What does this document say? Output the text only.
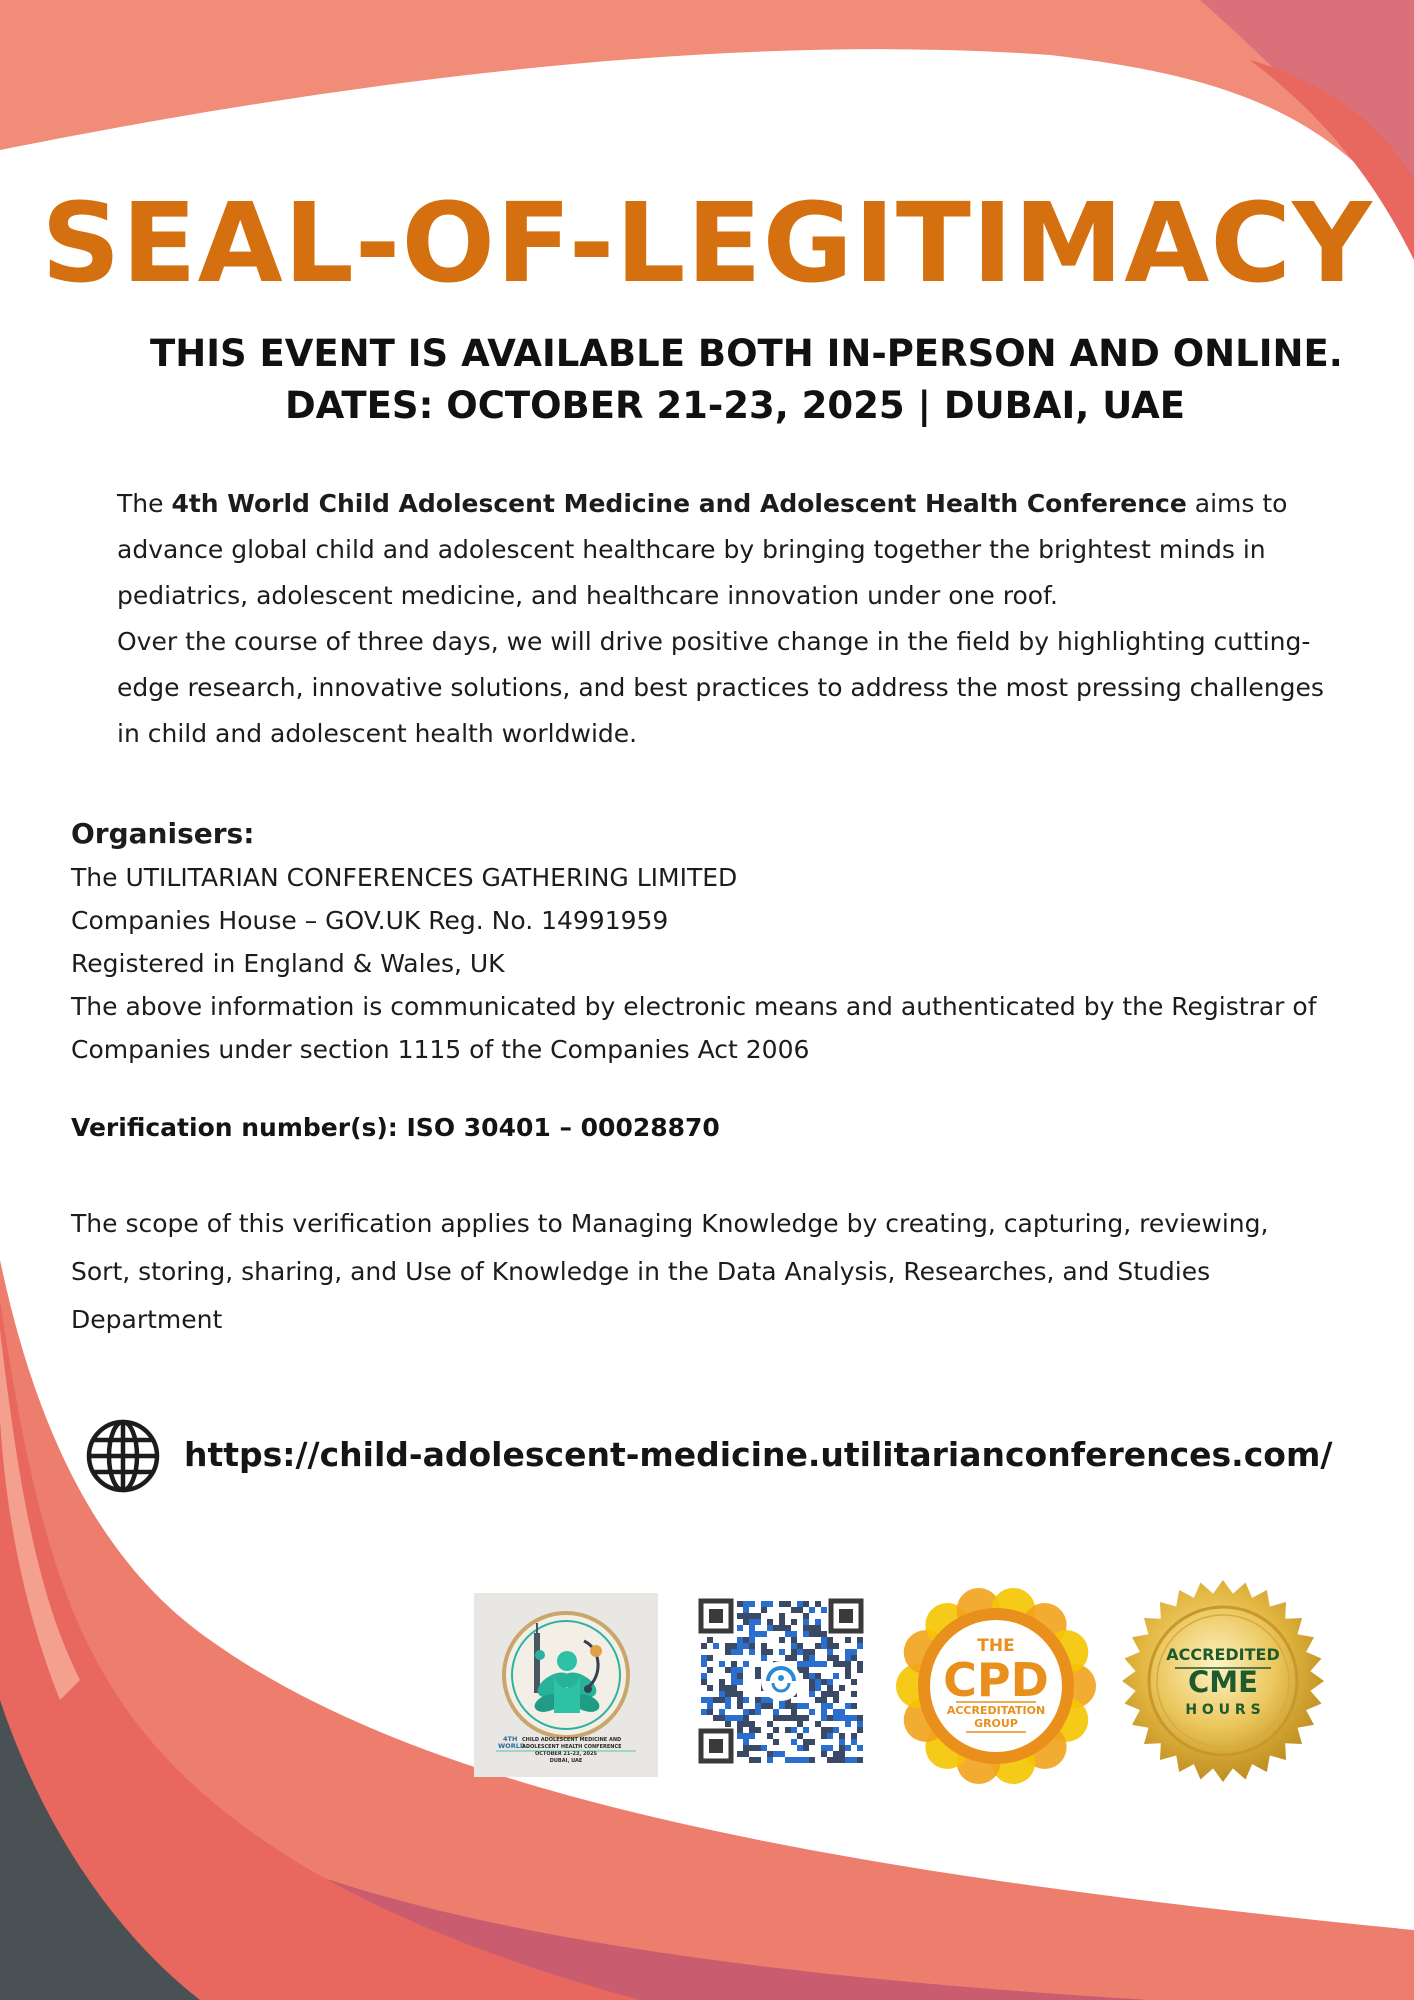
SEAL-OF-LEGITIMACY
THIS EVENT IS AVAILABLE BOTH IN-PERSON AND ONLINE.
DATES: OCTOBER 21-23, 2025 | DUBAI, UAE

The 4th World Child Adolescent Medicine and Adolescent Health Conference aims to advance global child and adolescent healthcare by bringing together the brightest minds in pediatrics, adolescent medicine, and healthcare innovation under one roof.

Over the course of three days, we will drive positive change in the field by highlighting cutting-edge research, innovative solutions, and best practices to address the most pressing challenges in child and adolescent health worldwide.

Organisers:
The UTILITARIAN CONFERENCES GATHERING LIMITED
Companies House – GOV.UK Reg. No. 14991959
Registered in England & Wales, UK
The above information is communicated by electronic means and authenticated by the Registrar of Companies under section 1115 of the Companies Act 2006
Verification number(s): ISO 30401 – 00028870
The scope of this verification applies to Managing Knowledge by creating, capturing, reviewing, Sort, storing, sharing, and Use of Knowledge in the Data Analysis, Researches, and Studies Department
https://child-adolescent-medicine.utilitarianconferences.com/
4TH
WORLD
CHILD ADOLESCENT MEDICINE AND
ADOLESCENT HEALTH CONFERENCE
OCTOBER 21-23, 2025
DUBAI, UAE
THE
CPD
ACCREDITATION
GROUP
ACCREDITED
CME
H O U R S
